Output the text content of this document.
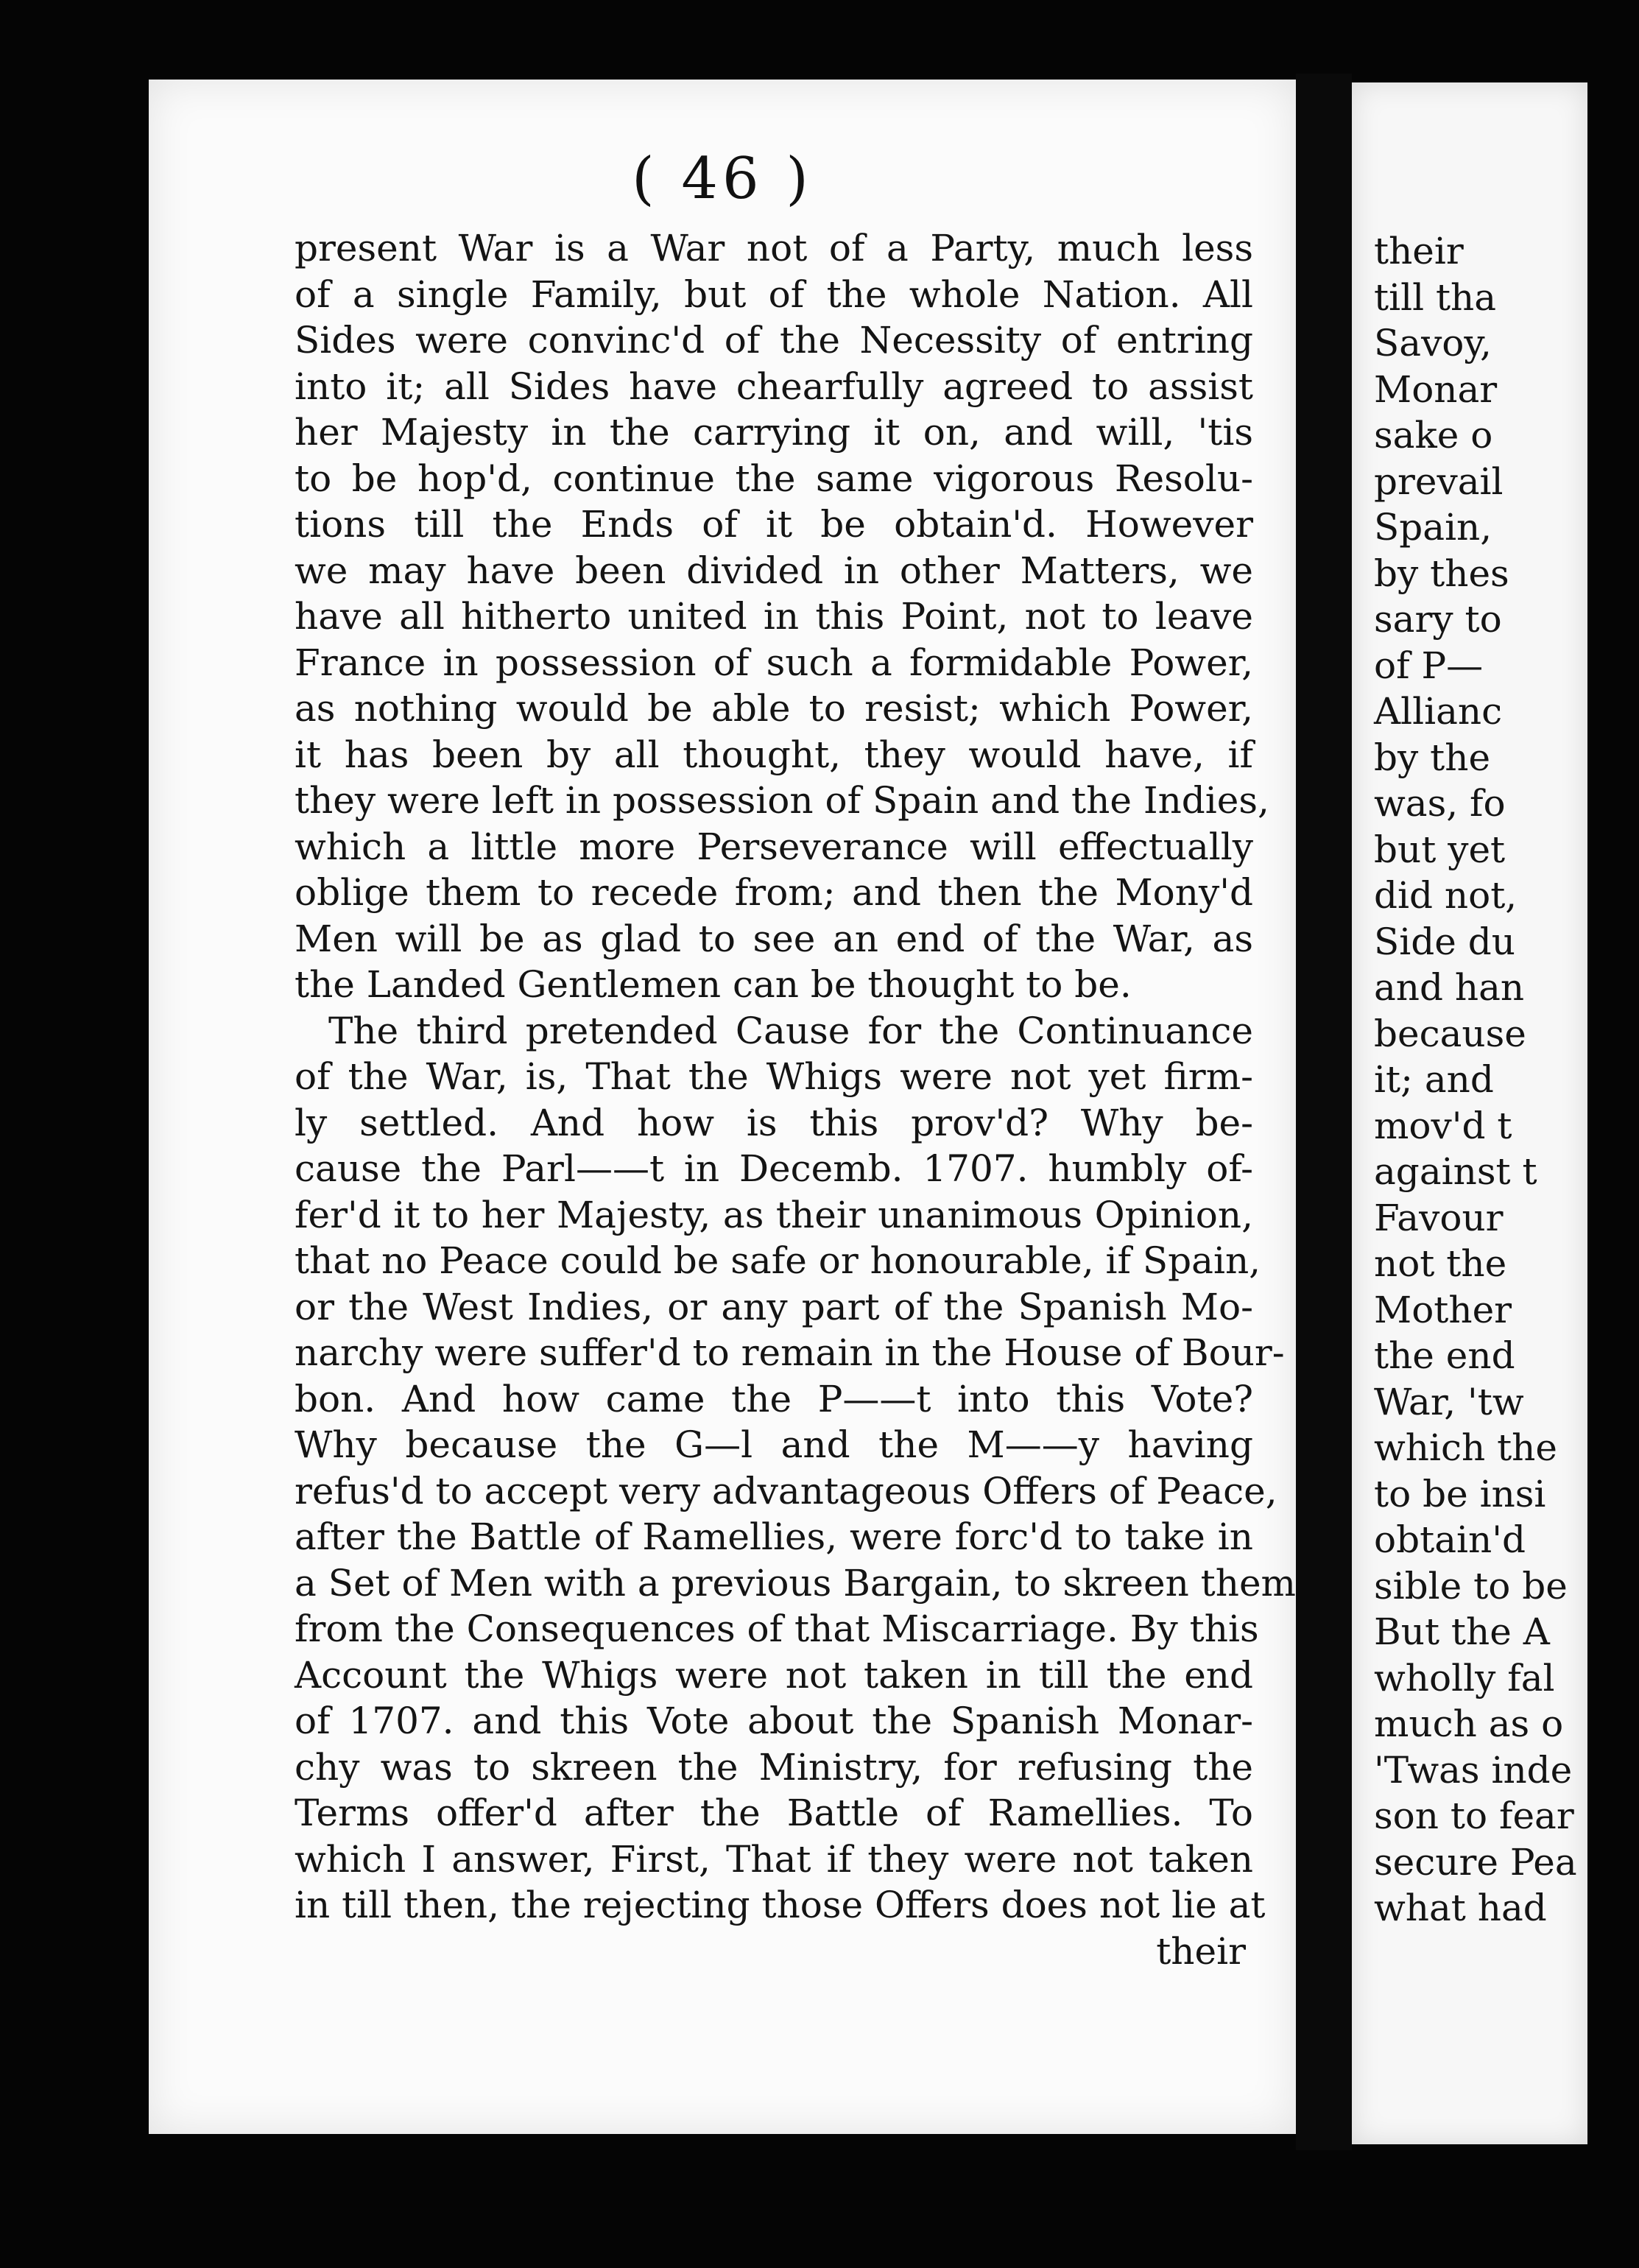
( 46 )
present War is a War not of a Party, much less
of a single Family, but of the whole Nation. All
Sides were convinc'd of the Necessity of entring
into it; all Sides have chearfully agreed to assist
her Majesty in the carrying it on, and will, 'tis
to be hop'd, continue the same vigorous Resolu-
tions till the Ends of it be obtain'd. However
we may have been divided in other Matters, we
have all hitherto united in this Point, not to leave
France in possession of such a formidable Power,
as nothing would be able to resist; which Power,
it has been by all thought, they would have, if
they were left in possession of Spain and the Indies,
which a little more Perseverance will effectually
oblige them to recede from; and then the Mony'd
Men will be as glad to see an end of the War, as
the Landed Gentlemen can be thought to be.
The third pretended Cause for the Continuance
of the War, is, That the Whigs were not yet firm-
ly settled. And how is this prov'd? Why be-
cause the Parl——t in Decemb. 1707. humbly of-
fer'd it to her Majesty, as their unanimous Opinion,
that no Peace could be safe or honourable, if Spain,
or the West Indies, or any part of the Spanish Mo-
narchy were suffer'd to remain in the House of Bour-
bon. And how came the P——t into this Vote?
Why because the G—l and the M——y having
refus'd to accept very advantageous Offers of Peace,
after the Battle of Ramellies, were forc'd to take in
a Set of Men with a previous Bargain, to skreen them
from the Consequences of that Miscarriage. By this
Account the Whigs were not taken in till the end
of 1707. and this Vote about the Spanish Monar-
chy was to skreen the Ministry, for refusing the
Terms offer'd after the Battle of Ramellies. To
which I answer, First, That if they were not taken
in till then, the rejecting those Offers does not lie at
their
their
till tha
Savoy,
Monar
sake o
prevail
Spain,
by thes
sary to
of P—
Allianc
by the
was, fo
but yet
did not,
Side du
and han
because
it; and
mov'd t
against t
Favour
not the
Mother
the end
War, 'tw
which the
to be insi
obtain'd
sible to be
But the A
wholly fal
much as o
'Twas inde
son to fear
secure Pea
what had
